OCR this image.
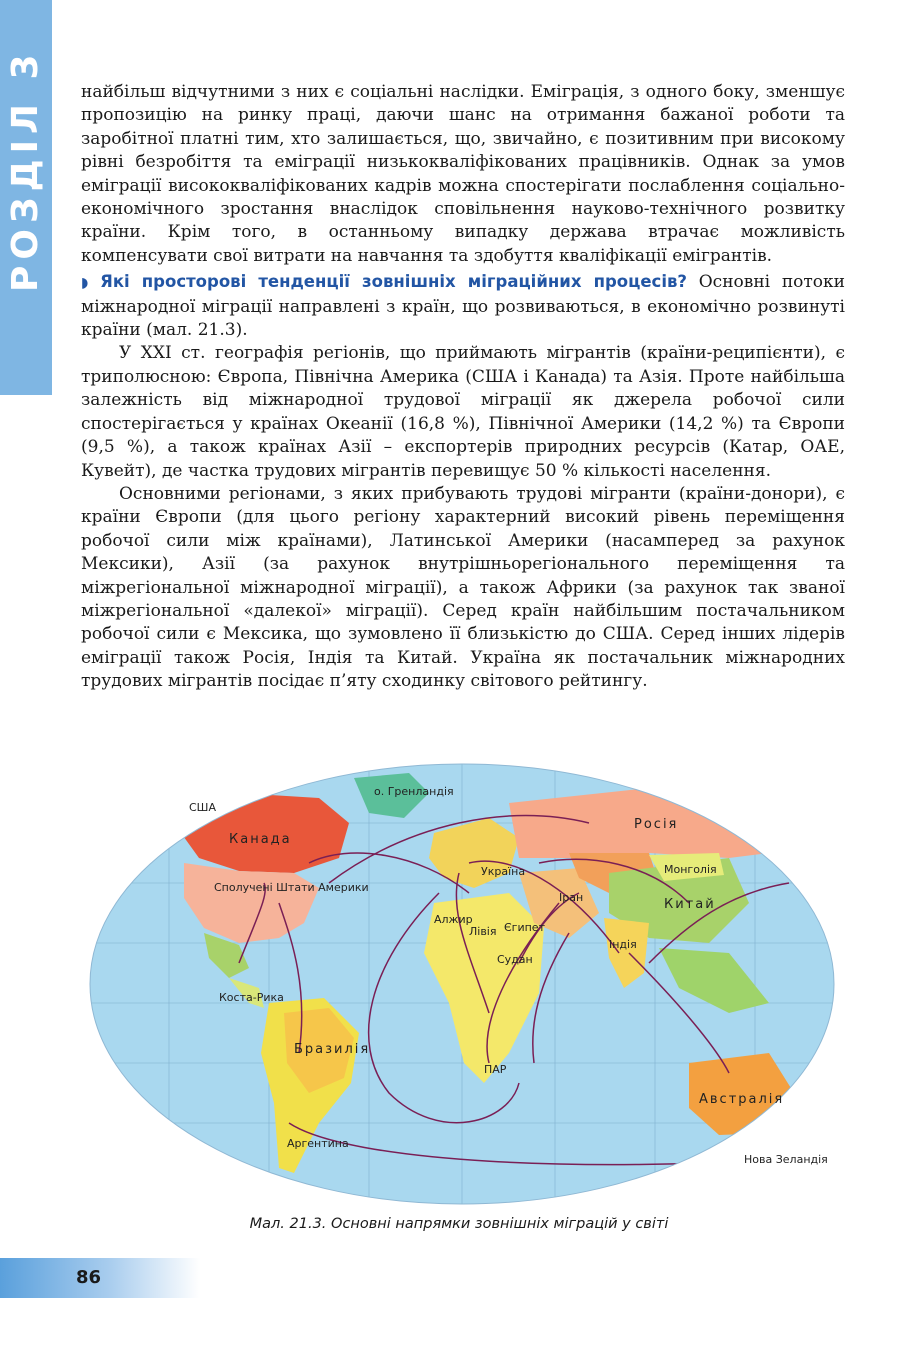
РОЗДІЛ 3	найбільш відчутними з них є соціальні наслідки. Еміграція, з одного боку, зменшує пропозицію на ринку праці, даючи шанс на отримання бажаної роботи та заробітної платні тим, хто залишається, що, звичайно, є позитивним при високому рівні безробіття та еміграції низькокваліфікованих працівників. Однак за умов еміграції висококваліфікованих кадрів можна спостерігати послаблення соціально-економічного зростання внаслідок сповільнення науково-технічного розвитку країни. Крім того, в останньому випадку держава втрачає можливість компенсувати свої витрати на навчання та здобуття кваліфікації емігрантів.

◗ Які просторові тенденції зовнішніх міграційних процесів? Основні потоки міжнародної міграції направлені з країн, що розвиваються, в економічно розвинуті країни (мал. 21.3).

У XXI ст. географія регіонів, що приймають мігрантів (країни-реципієнти), є триполюсною: Європа, Північна Америка (США і Канада) та Азія. Проте найбільша залежність від міжнародної трудової міграції як джерела робочої сили спостерігається у країнах Океанії (16,8 %), Північної Америки (14,2 %) та Європи (9,5 %), а також країнах Азії – експортерів природних ресурсів (Катар, ОАЕ, Кувейт), де частка трудових мігрантів перевищує 50 % кількості населення.

Основними регіонами, з яких прибувають трудові мігранти (країни-донори), є країни Європи (для цього регіону характерний високий рівень переміщення робочої сили між країнами), Латинської Америки (насамперед за рахунок Мексики), Азії (за рахунок внутрішньорегіонального переміщення та міжрегіональної міжнародної міграції), а також Африки (за рахунок так званої міжрегіональної «далекої» міграції). Серед країн найбільшим постачальником робочої сили є Мексика, що зумовлено її близькістю до США. Серед інших лідерів еміграції також Росія, Індія та Китай. Україна як постачальник міжнародних трудових мігрантів посідає п’яту сходинку світового рейтингу.

США
Канада
о. Гренландія
Сполучені Штати Америки
Коста-Рика
Бразилія
Аргентина
Україна
Росія
Монголія
Китай
Іран
Алжир
Лівія Єгипет
Судан
Індія
ПАР
Австралія
Нова Зеландія
Мал. 21.3. Основні напрямки зовнішніх міграцій у світі
86
